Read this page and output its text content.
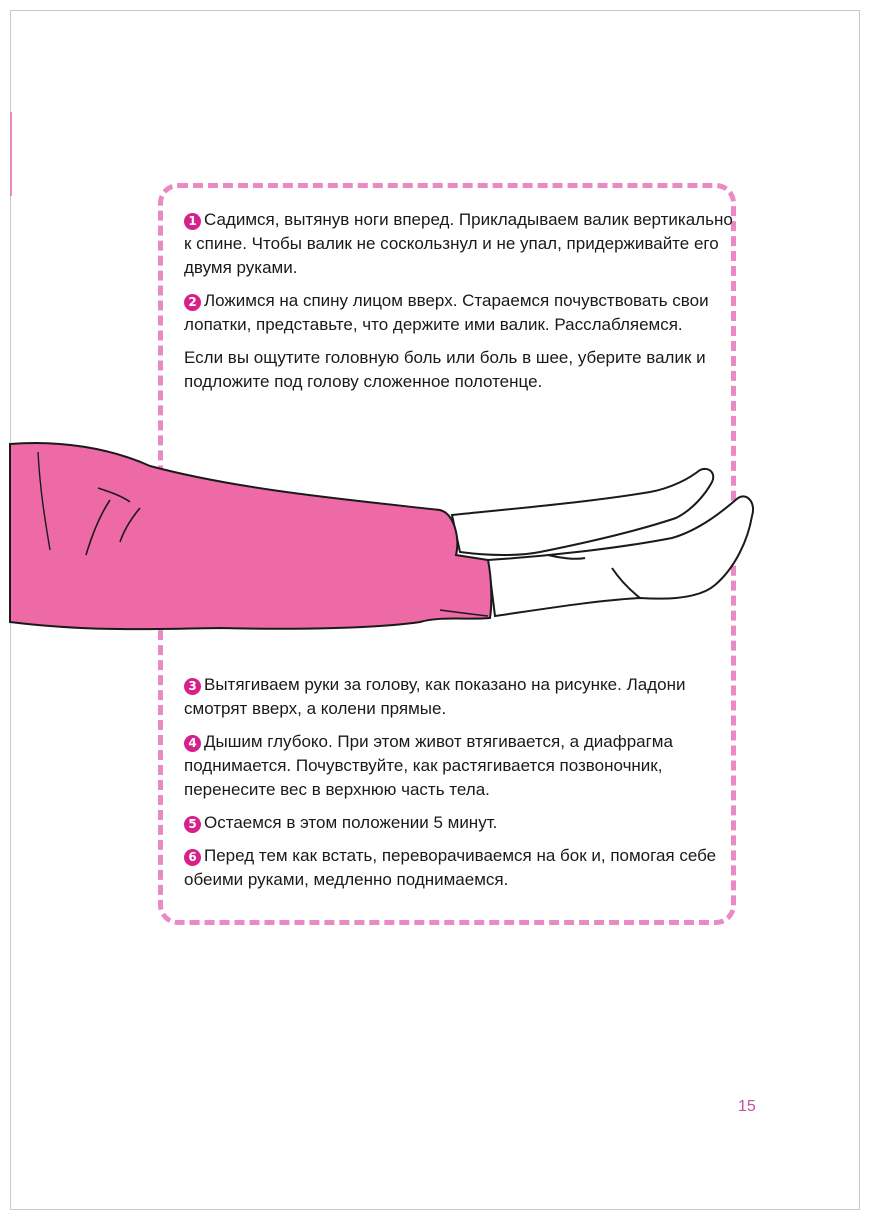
1 Садимся, вытянув ноги вперед. Прикладываем валик вертикально к спине. Чтобы валик не соскользнул и не упал, придерживайте его двумя руками.

2 Ложимся на спину лицом вверх. Стараемся почувствовать свои лопатки, представьте, что держите ими валик. Расслабляемся.

Если вы ощутите головную боль или боль в шее, уберите валик и подложите под голову сложенное полотенце.

3 Вытягиваем руки за голову, как показано на рисунке. Ладони смотрят вверх, а колени прямые.

4 Дышим глубоко. При этом живот втягивается, а диафрагма поднимается. Почувствуйте, как растягивается позвоночник, перенесите вес в верхнюю часть тела.

5 Остаемся в этом положении 5 минут.

6 Перед тем как встать, переворачиваемся на бок и, помогая себе обеими руками, медленно поднимаемся.

15
